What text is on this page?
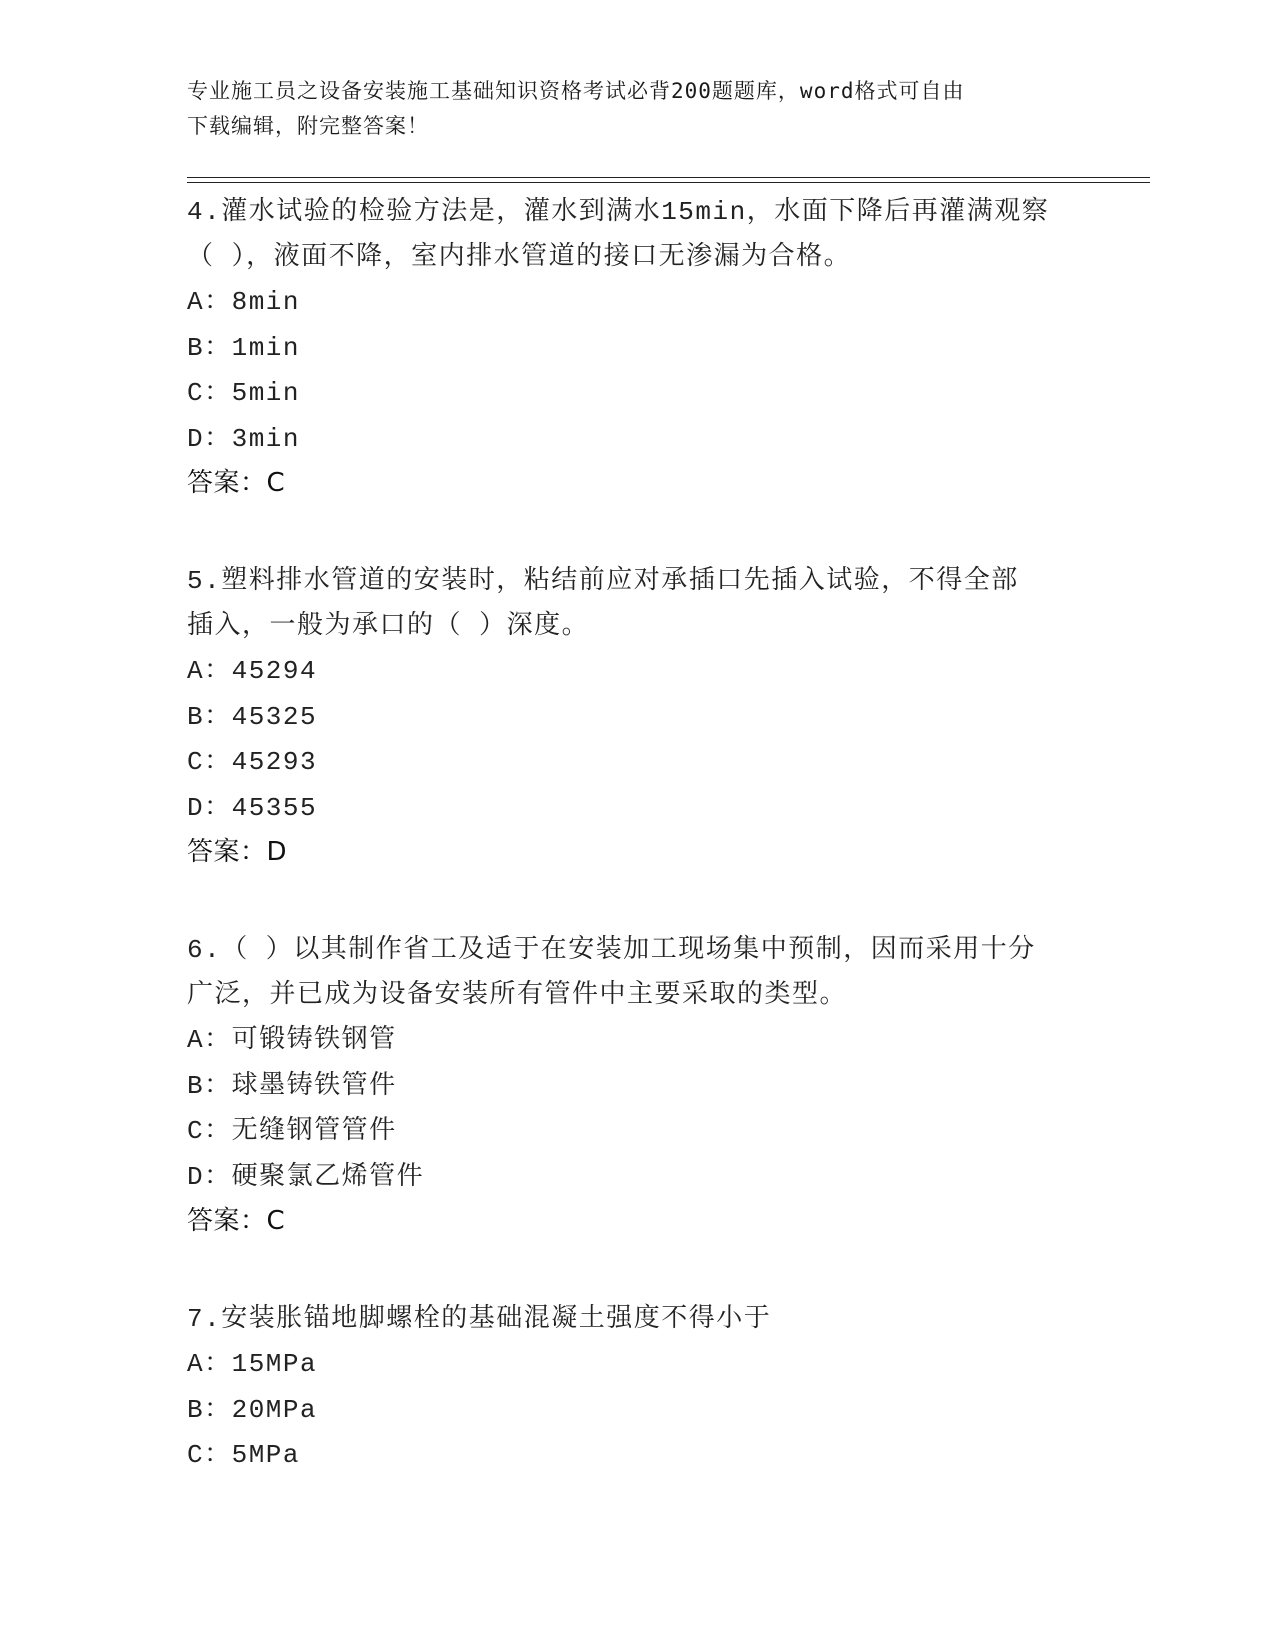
专业施工员之设备安装施工基础知识资格考试必背200题题库，word格式可自由
下载编辑，附完整答案！
4.灌水试验的检验方法是，灌水到满水15min，水面下降后再灌满观察
（ ），液面不降，室内排水管道的接口无渗漏为合格。
A：8min
B：1min
C：5min
D：3min
答案：C
5.塑料排水管道的安装时，粘结前应对承插口先插入试验，不得全部
插入，一般为承口的（ ）深度。
A：45294
B：45325
C：45293
D：45355
答案：D
6.（ ）以其制作省工及适于在安装加工现场集中预制，因而采用十分
广泛，并已成为设备安装所有管件中主要采取的类型。
A：可锻铸铁钢管
B：球墨铸铁管件
C：无缝钢管管件
D：硬聚氯乙烯管件
答案：C
7.安装胀锚地脚螺栓的基础混凝土强度不得小于
A：15MPa
B：20MPa
C：5MPa
